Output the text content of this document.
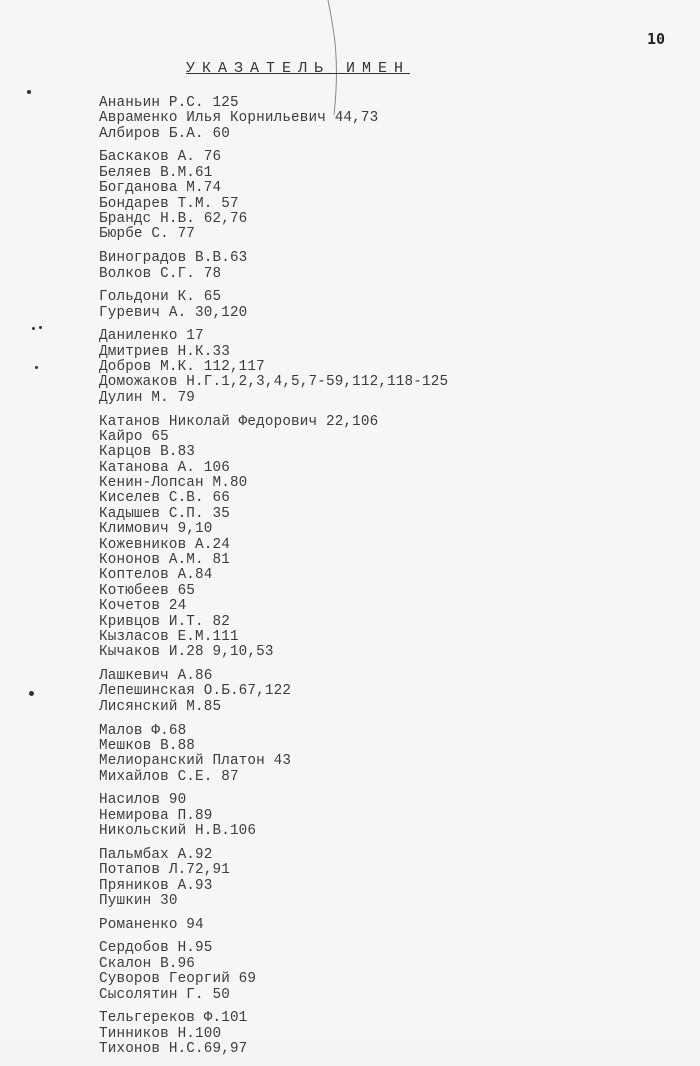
10
УКАЗАТЕЛЬ ИМЕН
Ананьин Р.С. 125
Авраменко Илья Корнильевич 44,73
Албиров Б.А. 60
Баскаков А. 76
Беляев В.М.61
Богданова М.74
Бондарев Т.М. 57
Брандс Н.В. 62,76
Бюрбе С. 77
Виноградов В.В.63
Волков С.Г. 78
Гольдони К. 65
Гуревич А. 30,120
Даниленко 17
Дмитриев Н.К.33
Добров М.К. 112,117
Доможаков Н.Г.1,2,3,4,5,7-59,112,118-125
Дулин М. 79
Катанов Николай Федорович 22,106
Кайро 65
Карцов В.83
Катанова А. 106
Кенин-Лопсан М.80
Киселев С.В. 66
Кадышев С.П. 35
Климович 9,10
Кожевников А.24
Кононов А.М. 81
Коптелов А.84
Котюбеев 65
Кочетов 24
Кривцов И.Т. 82
Кызласов Е.М.111
Кычаков И.28 9,10,53
Лашкевич А.86
Лепешинская О.Б.67,122
Лисянский М.85
Малов Ф.68
Мешков В.88
Мелиоранский Платон 43
Михайлов С.Е. 87
Насилов 90
Немирова П.89
Никольский Н.В.106
Пальмбах А.92
Потапов Л.72,91
Пряников А.93
Пушкин 30
Романенко 94
Сердобов Н.95
Скалон В.96
Суворов Георгий 69
Сысолятин Г. 50
Тельгереков Ф.101
Тинников Н.100
Тихонов Н.С.69,97
